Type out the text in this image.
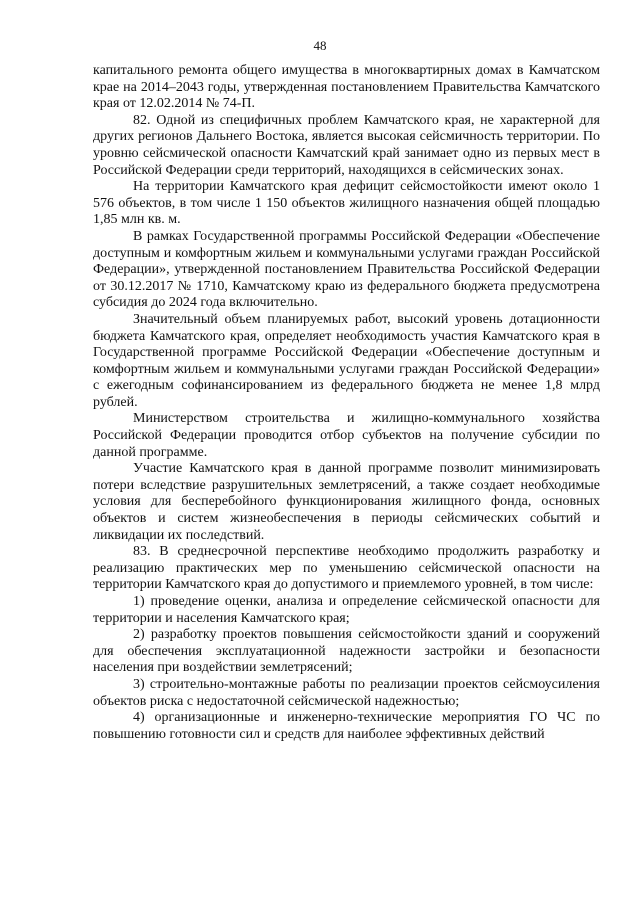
48

капитального ремонта общего имущества в многоквартирных домах в Камчатском крае на 2014–2043 годы, утвержденная постановлением Правительства Камчатского края от 12.02.2014 № 74-П.

82. Одной из специфичных проблем Камчатского края, не характерной для других регионов Дальнего Востока, является высокая сейсмичность территории. По уровню сейсмической опасности Камчатский край занимает одно из первых мест в Российской Федерации среди территорий, находящихся в сейсмических зонах.

На территории Камчатского края дефицит сейсмостойкости имеют около 1 576 объектов, в том числе 1 150 объектов жилищного назначения общей площадью 1,85 млн кв. м.

В рамках Государственной программы Российской Федерации «Обеспечение доступным и комфортным жильем и коммунальными услугами граждан Российской Федерации», утвержденной постановлением Правительства Российской Федерации от 30.12.2017 № 1710, Камчатскому краю из федерального бюджета предусмотрена субсидия до 2024 года включительно.

Значительный объем планируемых работ, высокий уровень дотационности бюджета Камчатского края, определяет необходимость участия Камчатского края в Государственной программе Российской Федерации «Обеспечение доступным и комфортным жильем и коммунальными услугами граждан Российской Федерации» с ежегодным софинансированием из федерального бюджета не менее 1,8 млрд рублей.

Министерством строительства и жилищно-коммунального хозяйства Российской Федерации проводится отбор субъектов на получение субсидии по данной программе.

Участие Камчатского края в данной программе позволит минимизировать потери вследствие разрушительных землетрясений, а также создает необходимые условия для бесперебойного функционирования жилищного фонда, основных объектов и систем жизнеобеспечения в периоды сейсмических событий и ликвидации их последствий.

83. В среднесрочной перспективе необходимо продолжить разработку и реализацию практических мер по уменьшению сейсмической опасности на территории Камчатского края до допустимого и приемлемого уровней, в том числе:

1) проведение оценки, анализа и определение сейсмической опасности для территории и населения Камчатского края;

2) разработку проектов повышения сейсмостойкости зданий и сооружений для обеспечения эксплуатационной надежности застройки и безопасности населения при воздействии землетрясений;

3) строительно-монтажные работы по реализации проектов сейсмоусиления объектов риска с недостаточной сейсмической надежностью;

4) организационные и инженерно-технические мероприятия ГО ЧС по повышению готовности сил и средств для наиболее эффективных действий
